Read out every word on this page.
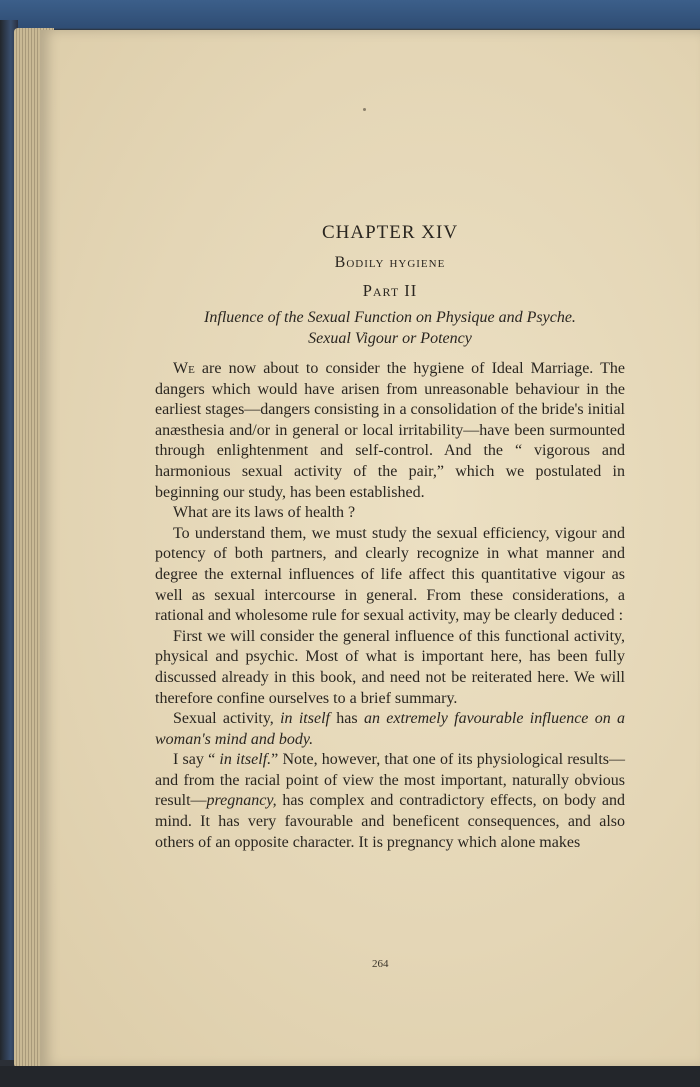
CHAPTER XIV
Bodily hygiene
Part II
Influence of the Sexual Function on Physique and Psyche.
Sexual Vigour or Potency

We are now about to consider the hygiene of Ideal Marriage. The dangers which would have arisen from unreasonable behaviour in the earliest stages—dangers consisting in a consolidation of the bride's initial anæsthesia and/or in general or local irritability—have been surmounted through enlightenment and self-control. And the “ vigorous and harmonious sexual activity of the pair,” which we postulated in beginning our study, has been established.

What are its laws of health ?

To understand them, we must study the sexual efficiency, vigour and potency of both partners, and clearly recognize in what manner and degree the external influences of life affect this quantitative vigour as well as sexual intercourse in general. From these considerations, a rational and wholesome rule for sexual activity, may be clearly deduced :

First we will consider the general influence of this functional activity, physical and psychic. Most of what is important here, has been fully discussed already in this book, and need not be reiterated here. We will therefore confine ourselves to a brief summary.

Sexual activity, in itself has an extremely favourable influence on a woman's mind and body.

I say “ in itself.” Note, however, that one of its physiological results—and from the racial point of view the most important, naturally obvious result—pregnancy, has complex and contradictory effects, on body and mind. It has very favourable and beneficent consequences, and also others of an opposite character. It is pregnancy which alone makes

264
